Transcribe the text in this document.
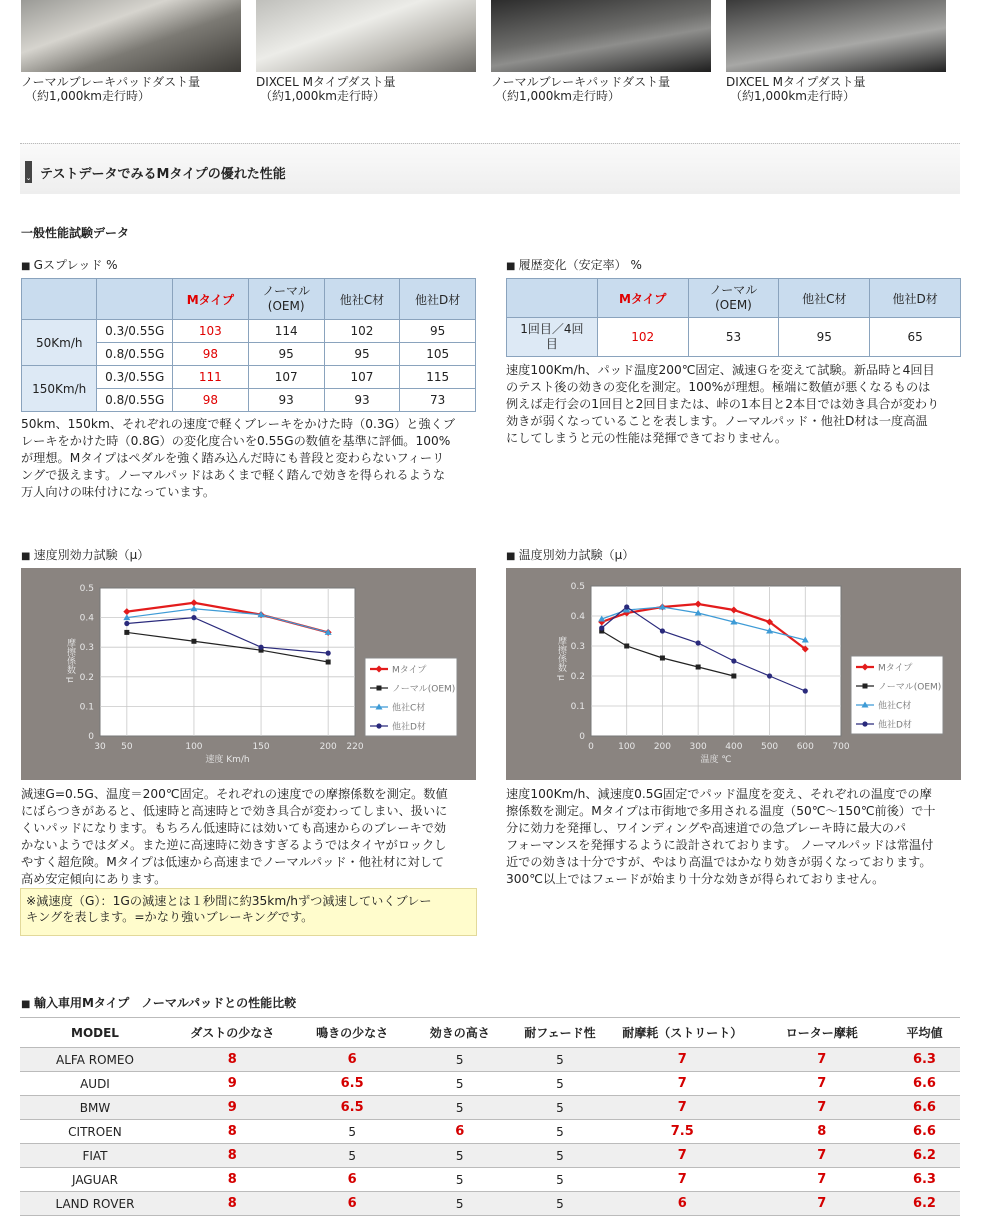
ノーマルブレーキパッドダスト量
（約1,000km走行時）
DIXCEL Mタイプダスト量
（約1,000km走行時）
ノーマルブレーキパッドダスト量
（約1,000km走行時）
DIXCEL Mタイプダスト量
（約1,000km走行時）
⌄ テストデータでみるMタイプの優れた性能
一般性能試験データ
■ Gスプレッド %
		Mタイプ	ノーマル
(OEM)	他社C材	他社D材
50Km/h	0.3/0.55G	103	114	102	95
	0.8/0.55G	98	95	95	105
150Km/h	0.3/0.55G	111	107	107	115
	0.8/0.55G	98	93	93	73
50km、150km、それぞれの速度で軽くブレーキをかけた時（0.3G）と強くブ
レーキをかけた時（0.8G）の変化度合いを0.55Gの数値を基準に評価。100%
が理想。Mタイプはペダルを強く踏み込んだ時にも普段と変わらないフィーリ
ングで扱えます。ノーマルパッドはあくまで軽く踏んで効きを得られるような
万人向けの味付けになっています。
■ 履歴変化（安定率） %
	Mタイプ	ノーマル
(OEM)	他社C材	他社D材
1回目／4回
目	102	53	95	65
速度100Km/h、パッド温度200℃固定、減速Ｇを変えて試験。新品時と4回目
のテスト後の効きの変化を測定。100%が理想。極端に数値が悪くなるものは
例えば走行会の1回目と2回目または、峠の1本目と2本目では効き具合が変わり
効きが弱くなっていることを表します。ノーマルパッド・他社D材は一度高温
にしてしまうと元の性能は発揮できておりません。
■ 速度別効力試験（μ）	■ 温度別効力試験（μ）
0
0.1
0.2
0.3
0.4
0.5
30 50	100	150	200 220
速度 Km/h
摩擦係数 μ	Mタイプ
ノーマル(OEM)
他社C材
他社D材
0
0.1
0.2
0.3
0.4
0.5
0	100 200 300 400 500 600 700
温度 ℃
摩擦係数 μ	Mタイプ
ノーマル(OEM)
他社C材
他社D材
減速G=0.5G、温度＝200℃固定。それぞれの速度での摩擦係数を測定。数値
にばらつきがあると、低速時と高速時とで効き具合が変わってしまい、扱いに
くいパッドになります。もちろん低速時には効いても高速からのブレーキで効
かないようではダメ。また逆に高速時に効きすぎるようではタイヤがロックし
やすく超危険。Mタイプは低速から高速までノーマルパッド・他社材に対して
高め安定傾向にあります。
速度100Km/h、減速度0.5G固定でパッド温度を変え、それぞれの温度での摩
擦係数を測定。Mタイプは市街地で多用される温度（50℃～150℃前後）で十
分に効力を発揮し、ワインディングや高速道での急ブレーキ時に最大のパ
フォーマンスを発揮するように設計されております。 ノーマルパッドは常温付
近での効きは十分ですが、やはり高温ではかなり効きが弱くなっております。
300℃以上ではフェードが始まり十分な効きが得られておりません。
※減速度（G）：1Gの減速とは１秒間に約35km/hずつ減速していくブレー
キングを表します。=かなり強いブレーキングです。
■ 輸入車用Mタイプ　ノーマルパッドとの性能比較
MODEL	ダストの少なさ	鳴きの少なさ	効きの高さ	耐フェード性	耐摩耗（ストリート）	ローター摩耗	平均値
ALFA ROMEO	8	6	5	5	7	7	6.3
AUDI	9	6.5	5	5	7	7	6.6
BMW	9	6.5	5	5	7	7	6.6
CITROEN	8	5	6	5	7.5	8	6.6
FIAT	8	5	5	5	7	7	6.2
JAGUAR	8	6	5	5	7	7	6.3
LAND ROVER	8	6	5	5	6	7	6.2
